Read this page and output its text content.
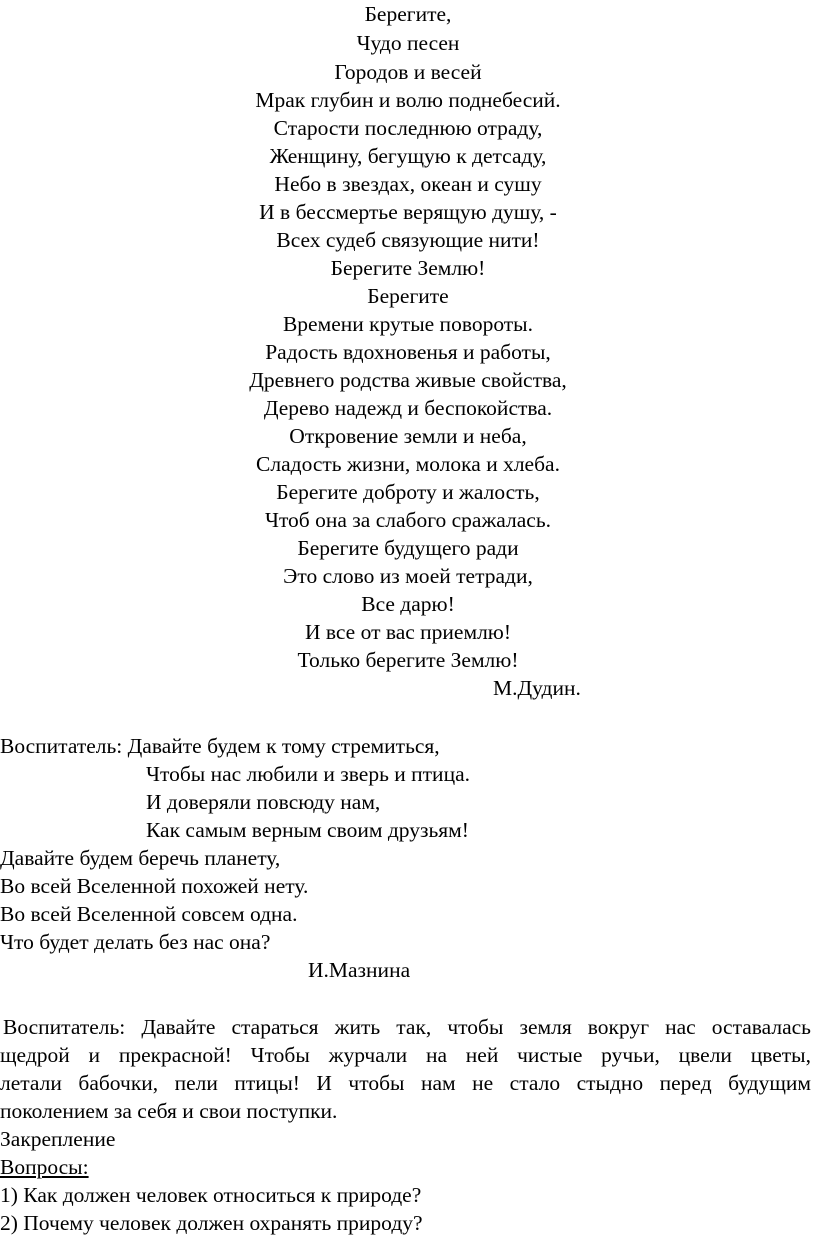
Берегите,
Чудо песен
Городов и весей
Мрак глубин и волю поднебесий.
Старости последнюю отраду,
Женщину, бегущую к детсаду,
Небо в звездах, океан и сушу
И в бессмертье верящую душу, -
Всех судеб связующие нити!
Берегите Землю!
Берегите
Времени крутые повороты.
Радость вдохновенья и работы,
Древнего родства живые свойства,
Дерево надежд и беспокойства.
Откровение земли и неба,
Сладость жизни, молока и хлеба.
Берегите доброту и жалость,
Чтоб она за слабого сражалась.
Берегите будущего ради
Это слово из моей тетради,
Все дарю!
И все от вас приемлю!
Только берегите Землю!
М.Дудин.
Воспитатель: Давайте будем к тому стремиться,
Чтобы нас любили и зверь и птица.
И доверяли повсюду нам,
Как самым верным своим друзьям!
Давайте будем беречь планету,
Во всей Вселенной похожей нету.
Во всей Вселенной совсем одна.
Что будет делать без нас она?
И.Мазнина
Воспитатель: Давайте стараться жить так, чтобы земля вокруг нас оставалась
щедрой и прекрасной! Чтобы журчали на ней чистые ручьи, цвели цветы,
летали бабочки, пели птицы! И чтобы нам не стало стыдно перед будущим
поколением за себя и свои поступки.
Закрепление
Вопросы:
1) Как должен человек относиться к природе?
2) Почему человек должен охранять природу?
